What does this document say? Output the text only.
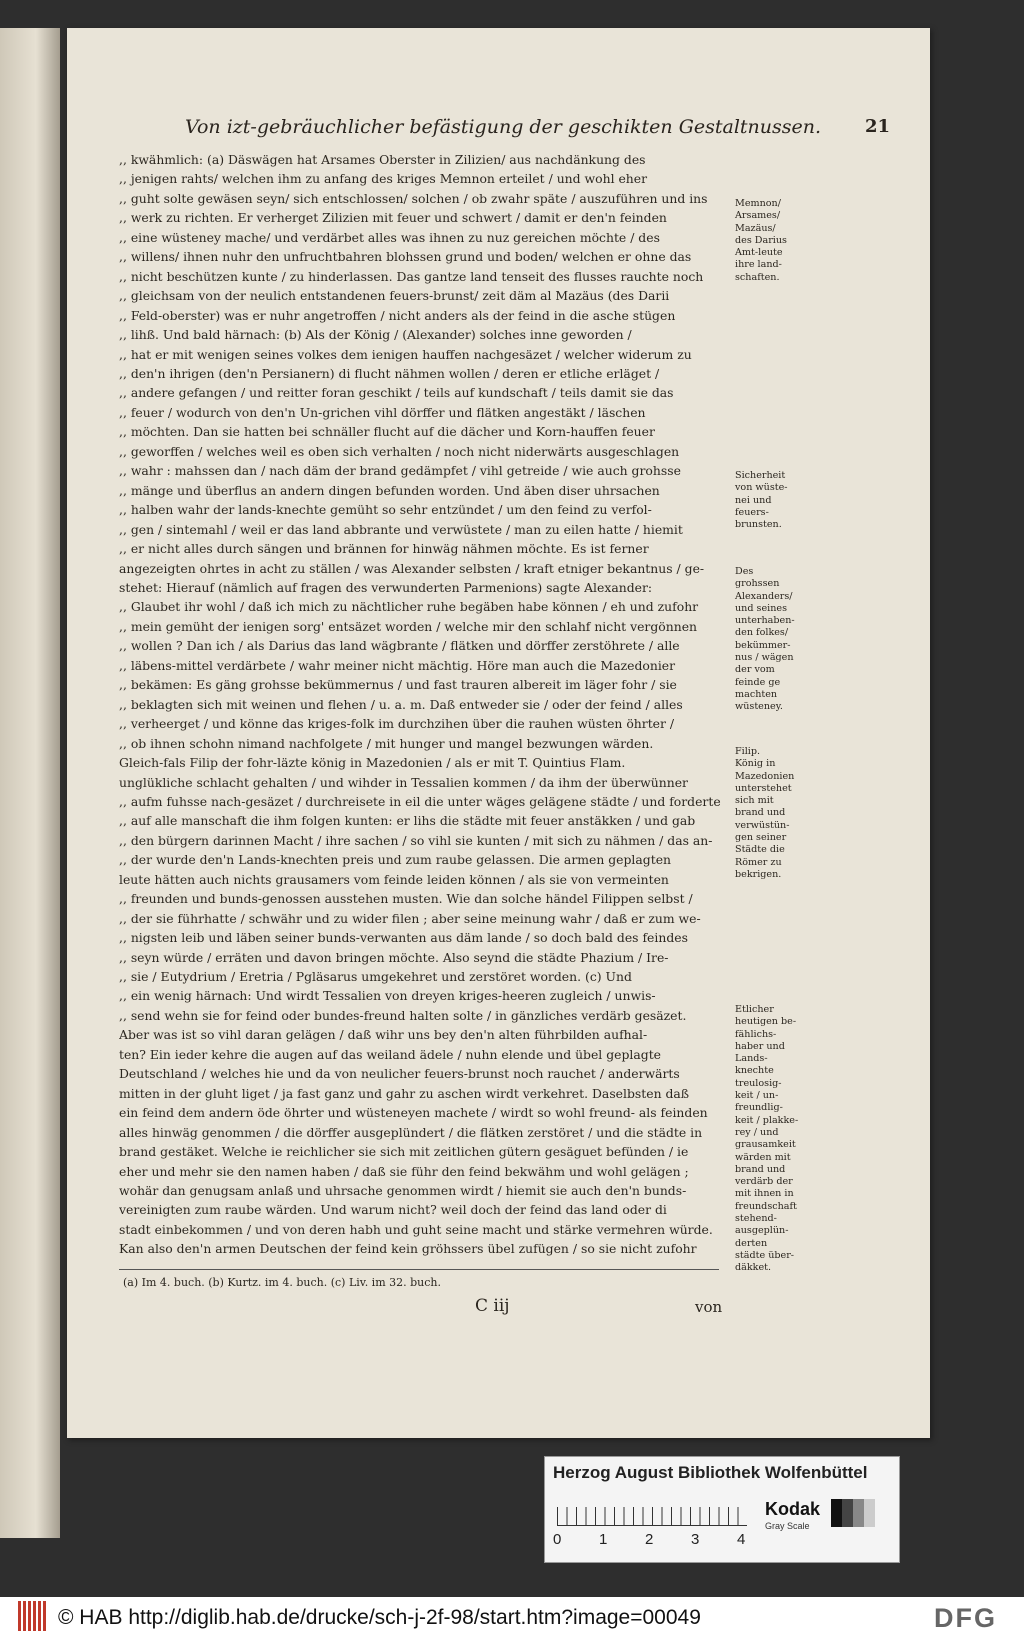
Von izt-gebräuchlicher befästigung der geschikten Gestaltnussen. 21
,, kwähmlich: (a) Däswägen hat Arsames Oberster in Zilizien/ aus nachdänkung des
,, jenigen rahts/ welchen ihm zu anfang des kriges Memnon erteilet / und wohl eher
,, guht solte gewäsen seyn/ sich entschlossen/ solchen / ob zwahr späte / auszuführen und ins
,, werk zu richten. Er verherget Zilizien mit feuer und schwert / damit er den'n feinden
,, eine wüsteney mache/ und verdärbet alles was ihnen zu nuz gereichen möchte / des
,, willens/ ihnen nuhr den unfruchtbahren blohssen grund und boden/ welchen er ohne das
,, nicht beschützen kunte / zu hinderlassen. Das gantze land tenseit des flusses rauchte noch
,, gleichsam von der neulich entstandenen feuers-brunst/ zeit däm al Mazäus (des Darii
,, Feld-oberster) was er nuhr angetroffen / nicht anders als der feind in die asche stügen
,, lihß. Und bald härnach: (b) Als der König / (Alexander) solches inne geworden /
,, hat er mit wenigen seines volkes dem ienigen hauffen nachgesäzet / welcher widerum zu
,, den'n ihrigen (den'n Persianern) di flucht nähmen wollen / deren er etliche erläget /
,, andere gefangen / und reitter foran geschikt / teils auf kundschaft / teils damit sie das
,, feuer / wodurch von den'n Un-grichen vihl dörffer und flätken angestäkt / läschen
,, möchten. Dan sie hatten bei schnäller flucht auf die dächer und Korn-hauffen feuer
,, geworffen / welches weil es oben sich verhalten / noch nicht niderwärts ausgeschlagen
,, wahr : mahssen dan / nach däm der brand gedämpfet / vihl getreide / wie auch grohsse
,, mänge und überflus an andern dingen befunden worden. Und äben diser uhrsachen
,, halben wahr der lands-knechte gemüht so sehr entzündet / um den feind zu verfol-
,, gen / sintemahl / weil er das land abbrante und verwüstete / man zu eilen hatte / hiemit
,, er nicht alles durch sängen und brännen for hinwäg nähmen möchte. Es ist ferner
angezeigten ohrtes in acht zu ställen / was Alexander selbsten / kraft etniger bekantnus / ge-
stehet: Hierauf (nämlich auf fragen des verwunderten Parmenions) sagte Alexander:
,, Glaubet ihr wohl / daß ich mich zu nächtlicher ruhe begäben habe können / eh und zufohr
,, mein gemüht der ienigen sorg' entsäzet worden / welche mir den schlahf nicht vergönnen
,, wollen ? Dan ich / als Darius das land wägbrante / flätken und dörffer zerstöhrete / alle
,, läbens-mittel verdärbete / wahr meiner nicht mächtig. Höre man auch die Mazedonier
,, bekämen: Es gäng grohsse bekümmernus / und fast trauren albereit im läger fohr / sie
,, beklagten sich mit weinen und flehen / u. a. m. Daß entweder sie / oder der feind / alles
,, verheerget / und könne das kriges-folk im durchzihen über die rauhen wüsten öhrter /
,, ob ihnen schohn nimand nachfolgete / mit hunger und mangel bezwungen wärden.
Gleich-fals Filip der fohr-läzte könig in Mazedonien / als er mit T. Quintius Flam.
unglükliche schlacht gehalten / und wihder in Tessalien kommen / da ihm der überwünner
,, aufm fuhsse nach-gesäzet / durchreisete in eil die unter wäges gelägene städte / und forderte
,, auf alle manschaft die ihm folgen kunten: er lihs die städte mit feuer anstäkken / und gab
,, den bürgern darinnen Macht / ihre sachen / so vihl sie kunten / mit sich zu nähmen / das an-
,, der wurde den'n Lands-knechten preis und zum raube gelassen. Die armen geplagten
leute hätten auch nichts grausamers vom feinde leiden können / als sie von vermeinten
,, freunden und bunds-genossen ausstehen musten. Wie dan solche händel Filippen selbst /
,, der sie führhatte / schwähr und zu wider filen ; aber seine meinung wahr / daß er zum we-
,, nigsten leib und läben seiner bunds-verwanten aus däm lande / so doch bald des feindes
,, seyn würde / erräten und davon bringen möchte. Also seynd die städte Phazium / Ire-
,, sie / Eutydrium / Eretria / Pgläsarus umgekehret und zerstöret worden. (c) Und
,, ein wenig härnach: Und wirdt Tessalien von dreyen kriges-heeren zugleich / unwis-
,, send wehn sie for feind oder bundes-freund halten solte / in gänzliches verdärb gesäzet.
Aber was ist so vihl daran gelägen / daß wihr uns bey den'n alten führbilden aufhal-
ten? Ein ieder kehre die augen auf das weiland ädele / nuhn elende und übel geplagte
Deutschland / welches hie und da von neulicher feuers-brunst noch rauchet / anderwärts
mitten in der gluht liget / ja fast ganz und gahr zu aschen wirdt verkehret. Daselbsten daß
ein feind dem andern öde öhrter und wüsteneyen machete / wirdt so wohl freund- als feinden
alles hinwäg genommen / die dörffer ausgeplündert / die flätken zerstöret / und die städte in
brand gestäket. Welche ie reichlicher sie sich mit zeitlichen gütern gesäguet befünden / ie
eher und mehr sie den namen haben / daß sie führ den feind bekwähm und wohl gelägen ;
wohär dan genugsam anlaß und uhrsache genommen wirdt / hiemit sie auch den'n bunds-
vereinigten zum raube wärden. Und warum nicht? weil doch der feind das land oder di
stadt einbekommen / und von deren habh und guht seine macht und stärke vermehren würde.
Kan also den'n armen Deutschen der feind kein gröhssers übel zufügen / so sie nicht zufohr
Memnon/
Arsames/
Mazäus/
des Darius
Amt-leute
ihre land-
schaften.
Sicherheit
von wüste-
nei und
feuers-
brunsten.
Des
grohssen
Alexanders/
und seines
unterhaben-
den folkes/
bekümmer-
nus / wägen
der vom
feinde ge
machten
wüsteney.
Filip.
König in
Mazedonien
unterstehet
sich mit
brand und
verwüstün-
gen seiner
Städte die
Römer zu
bekrigen.
Etlicher
heutigen be-
fählichs-
haber und
Lands-
knechte
treulosig-
keit / un-
freundlig-
keit / plakke-
rey / und
grausamkeit
wärden mit
brand und
verdärb der
mit ihnen in
freundschaft
stehend-
ausgeplün-
derten
städte über-
däkket.
(a) Im 4. buch. (b) Kurtz. im 4. buch. (c) Liv. im 32. buch.
C iij	von
Herzog August Bibliothek Wolfenbüttel
0	1	2	3	4
Kodak
Gray Scale
© HAB http://diglib.hab.de/drucke/sch-j-2f-98/start.htm?image=00049	DFG
